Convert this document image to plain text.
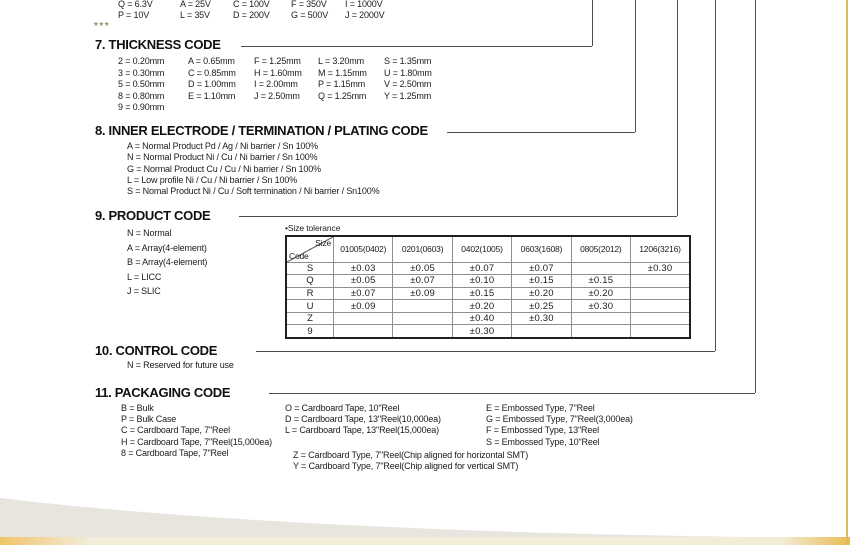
Q = 6.3V	A = 25V	C = 100V	F = 350V	I = 1000V
P = 10V	L = 35V	D = 200V	G = 500V	J = 2000V
***
7. THICKNESS CODE
2 = 0.20mm	A = 0.65mm	F = 1.25mm	L = 3.20mm	S = 1.35mm
3 = 0.30mm	C = 0.85mm	H = 1.60mm	M = 1.15mm	U = 1.80mm
5 = 0.50mm	D = 1.00mm	I = 2.00mm	P = 1.15mm	V = 2.50mm
8 = 0.80mm	E = 1.10mm	J = 2.50mm	Q = 1.25mm	Y = 1.25mm
9 = 0.90mm
8. INNER ELECTRODE / TERMINATION / PLATING CODE
A = Normal Product Pd / Ag / Ni barrier / Sn 100%
N = Normal Product Ni / Cu / Ni barrier / Sn 100%
G = Normal Product Cu / Cu / Ni barrier / Sn 100%
L = Low profile Ni / Cu / Ni barrier / Sn 100%
S = Nomal Product Ni / Cu / Soft termination / Ni barrier / Sn100%
9. PRODUCT CODE
N = Normal
A = Array(4-element)
B = Array(4-element)
L = LICC
J = SLIC
•Size tolerance
Size
Code	01005(0402)	0201(0603)	0402(1005)	0603(1608)	0805(2012)	1206(3216)
S	±0.03	±0.05	±0.07	±0.07		±0.30
Q	±0.05	±0.07	±0.10	±0.15	±0.15	
R	±0.07	±0.09	±0.15	±0.20	±0.20	
U	±0.09		±0.20	±0.25	±0.30	
Z			±0.40	±0.30		
9			±0.30			
10. CONTROL CODE
N = Reserved for future use
11. PACKAGING CODE
B = Bulk
P = Bulk Case
C = Cardboard Tape, 7"Reel
H = Cardboard Tape, 7"Reel(15,000ea)
8 = Cardboard Tape, 7"Reel
O = Cardboard Tape, 10"Reel
D = Cardboard Tape, 13"Reel(10,000ea)
L = Cardboard Tape, 13"Reel(15,000ea)
Z = Cardboard Type, 7"Reel(Chip aligned for horizontal SMT)
Y = Cardboard Type, 7"Reel(Chip aligned for vertical SMT)
E = Embossed Type, 7"Reel
G = Embossed Type, 7"Reel(3,000ea)
F = Embossed Type, 13"Reel
S = Embossed Type, 10"Reel
